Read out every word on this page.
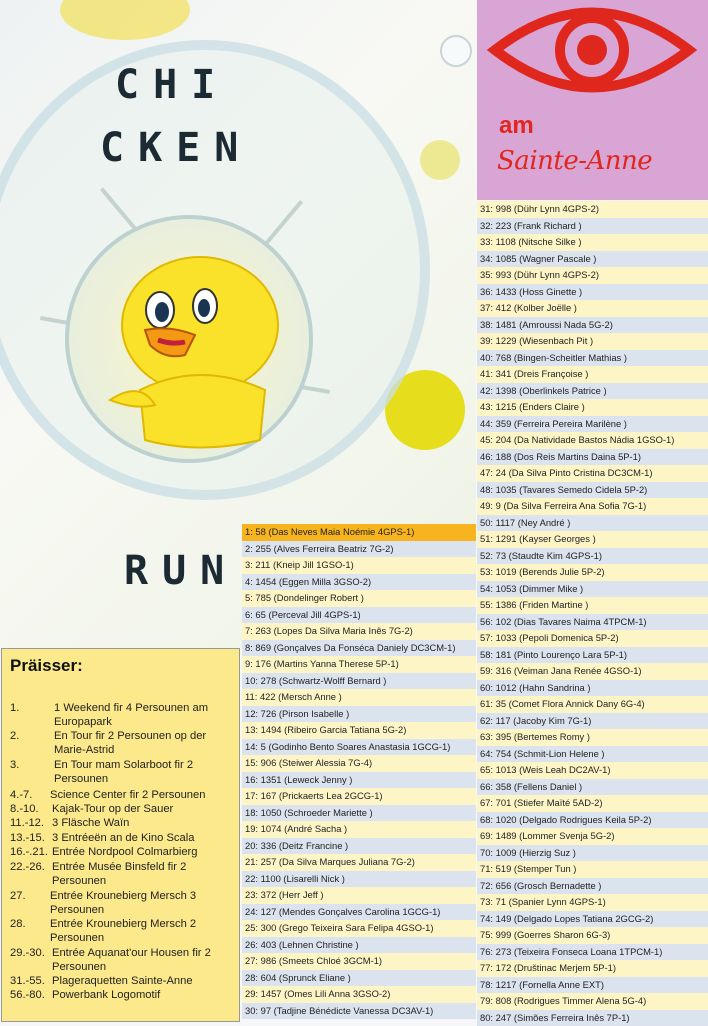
CHI
CKEN
RUN
am
Sainte-Anne
1: 58 (Das Neves Maia Noémie 4GPS-1)
2: 255 (Alves Ferreira Beatriz 7G-2)
3: 211 (Kneip Jill 1GSO-1)
4: 1454 (Eggen Milla 3GSO-2)
5: 785 (Dondelinger Robert )
6: 65 (Perceval Jill 4GPS-1)
7: 263 (Lopes Da Silva Maria Inês 7G-2)
8: 869 (Gonçalves Da Fonséca Daniely DC3CM-1)
9: 176 (Martins Yanna Therese 5P-1)
10: 278 (Schwartz-Wolff Bernard )
11: 422 (Mersch Anne )
12: 726 (Pirson Isabelle )
13: 1494 (Ribeiro Garcia Tatiana 5G-2)
14: 5 (Godinho Bento Soares Anastasia 1GCG-1)
15: 906 (Steiwer Alessia 7G-4)
16: 1351 (Leweck Jenny )
17: 167 (Prickaerts Lea 2GCG-1)
18: 1050 (Schroeder Mariette )
19: 1074 (André Sacha )
20: 336 (Deitz Francine )
21: 257 (Da Silva Marques Juliana 7G-2)
22: 1100 (Lisarelli Nick )
23: 372 (Herr Jeff )
24: 127 (Mendes Gonçalves Carolina 1GCG-1)
25: 300 (Grego Teixeira Sara Felipa 4GSO-1)
26: 403 (Lehnen Christine )
27: 986 (Smeets Chloé 3GCM-1)
28: 604 (Sprunck Eliane )
29: 1457 (Omes Lili Anna 3GSO-2)
30: 97 (Tadjine Bénédicte Vanessa DC3AV-1)
31: 998 (Dühr Lynn 4GPS-2)
32: 223 (Frank Richard )
33: 1108 (Nitsche Silke )
34: 1085 (Wagner Pascale )
35: 993 (Dühr Lynn 4GPS-2)
36: 1433 (Hoss Ginette )
37: 412 (Kolber Joëlle )
38: 1481 (Amroussi Nada 5G-2)
39: 1229 (Wiesenbach Pit )
40: 768 (Bingen-Scheitler Mathias )
41: 341 (Dreis Françoise )
42: 1398 (Oberlinkels Patrice )
43: 1215 (Enders Claire )
44: 359 (Ferreira Pereira Marilène )
45: 204 (Da Natividade Bastos Nádia 1GSO-1)
46: 188 (Dos Reis Martins Daina 5P-1)
47: 24 (Da Silva Pinto Cristina DC3CM-1)
48: 1035 (Tavares Semedo Cidela 5P-2)
49: 9 (Da Silva Ferreira Ana Sofia 7G-1)
50: 1117 (Ney André )
51: 1291 (Kayser Georges )
52: 73 (Staudte Kim 4GPS-1)
53: 1019 (Berends Julie 5P-2)
54: 1053 (Dimmer Mike )
55: 1386 (Friden Martine )
56: 102 (Dias Tavares Naima 4TPCM-1)
57: 1033 (Pepoli Domenica 5P-2)
58: 181 (Pinto Lourenço Lara 5P-1)
59: 316 (Veiman Jana Renée 4GSO-1)
60: 1012 (Hahn Sandrina )
61: 35 (Comet Flora Annick Dany 6G-4)
62: 117 (Jacoby Kim 7G-1)
63: 395 (Bertemes Romy )
64: 754 (Schmit-Lion Helene )
65: 1013 (Weis Leah DC2AV-1)
66: 358 (Fellens Daniel )
67: 701 (Stiefer Maïté 5AD-2)
68: 1020 (Delgado Rodrigues Keila 5P-2)
69: 1489 (Lommer Svenja 5G-2)
70: 1009 (Hierzig Suz )
71: 519 (Stemper Tun )
72: 656 (Grosch Bernadette )
73: 71 (Spanier Lynn 4GPS-1)
74: 149 (Delgado Lopes Tatiana 2GCG-2)
75: 999 (Goerres Sharon 6G-3)
76: 273 (Teixeira Fonseca Loana 1TPCM-1)
77: 172 (Društinac Merjem 5P-1)
78: 1217 (Fornella Anne EXT)
79: 808 (Rodrigues Timmer Alena 5G-4)
80: 247 (Simões Ferreira Inês 7P-1)
Präisser:
1.	1 Weekend fir 4 Persounen am Europapark
2.	En Tour fir 2 Persounen op der Marie-Astrid
3.	En Tour mam Solarboot fir 2 Persounen
4.-7.	Science Center fir 2 Persounen
8.-10.	Kajak-Tour op der Sauer
11.-12. 3 Fläsche Waïn
13.-15. 3 Entréeën an de Kino Scala
16.-.21. Entrée Nordpool Colmarbierg
22.-26. Entrée Musée Binsfeld fir 2 Persounen
27.	Entrée Krounebierg Mersch 3 Persounen
28.	Entrée Krounebierg Mersch 2 Persounen
29.-30. Entrée Aquanat'our Housen fir 2 Persounen
31.-55. Plageraquetten Sainte-Anne
56.-80. Powerbank Logomotif
